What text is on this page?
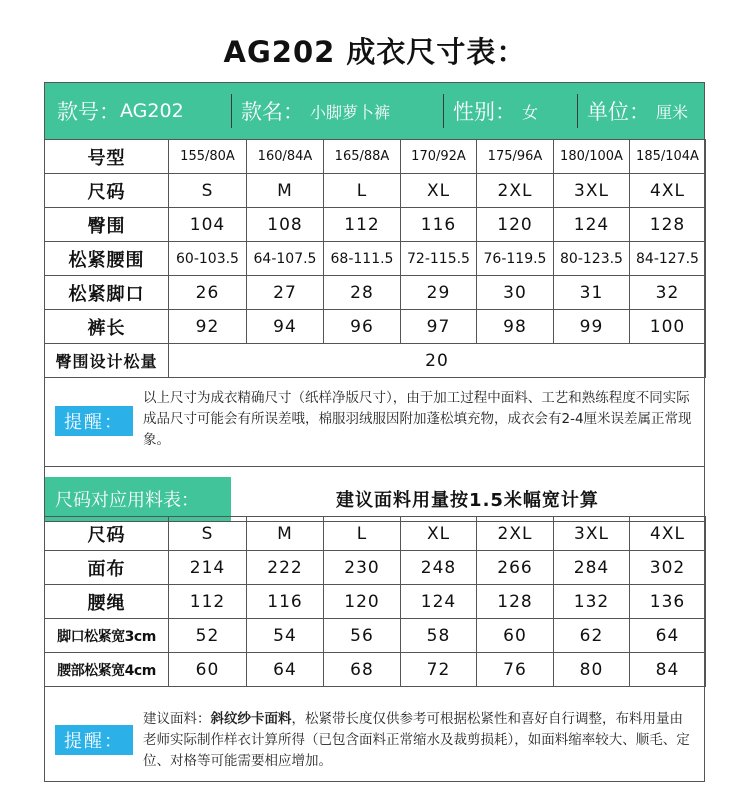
AG202 成衣尺寸表：
款号： AG202	款名： 小脚萝卜裤	性别： 女 单位： 厘米
号型	155/80A	160/84A	165/88A	170/92A	175/96A	180/100A	185/104A
尺码	S	M	L	XL	2XL	3XL	4XL
臀围	104	108	112	116	120	124	128
松紧腰围	60-103.5	64-107.5	68-111.5	72-115.5	76-119.5	80-123.5	84-127.5
松紧脚口	26	27	28	29	30	31	32
裤长	92	94	96	97	98	99	100
臀围设计松量	20						
提醒：
以上尺寸为成衣精确尺寸（纸样净版尺寸），由于加工过程中面料、工艺和熟练程度不同实际成品尺寸可能会有所误差哦，棉服羽绒服因附加蓬松填充物，成衣会有2-4厘米误差属正常现象。
尺码对应用料表：	建议面料用量按1.5米幅宽计算
尺码	S	M	L	XL	2XL	3XL	4XL
面布	214	222	230	248	266	284	302
腰绳	112	116	120	124	128	132	136
脚口松紧宽3cm	52	54	56	58	60	62	64
腰部松紧宽4cm	60	64	68	72	76	80	84
提醒：
建议面料：斜纹纱卡面料，松紧带长度仅供参考可根据松紧性和喜好自行调整，布料用量由老师实际制作样衣计算所得（已包含面料正常缩水及裁剪损耗），如面料缩率较大、顺毛、定位、对格等可能需要相应增加。
